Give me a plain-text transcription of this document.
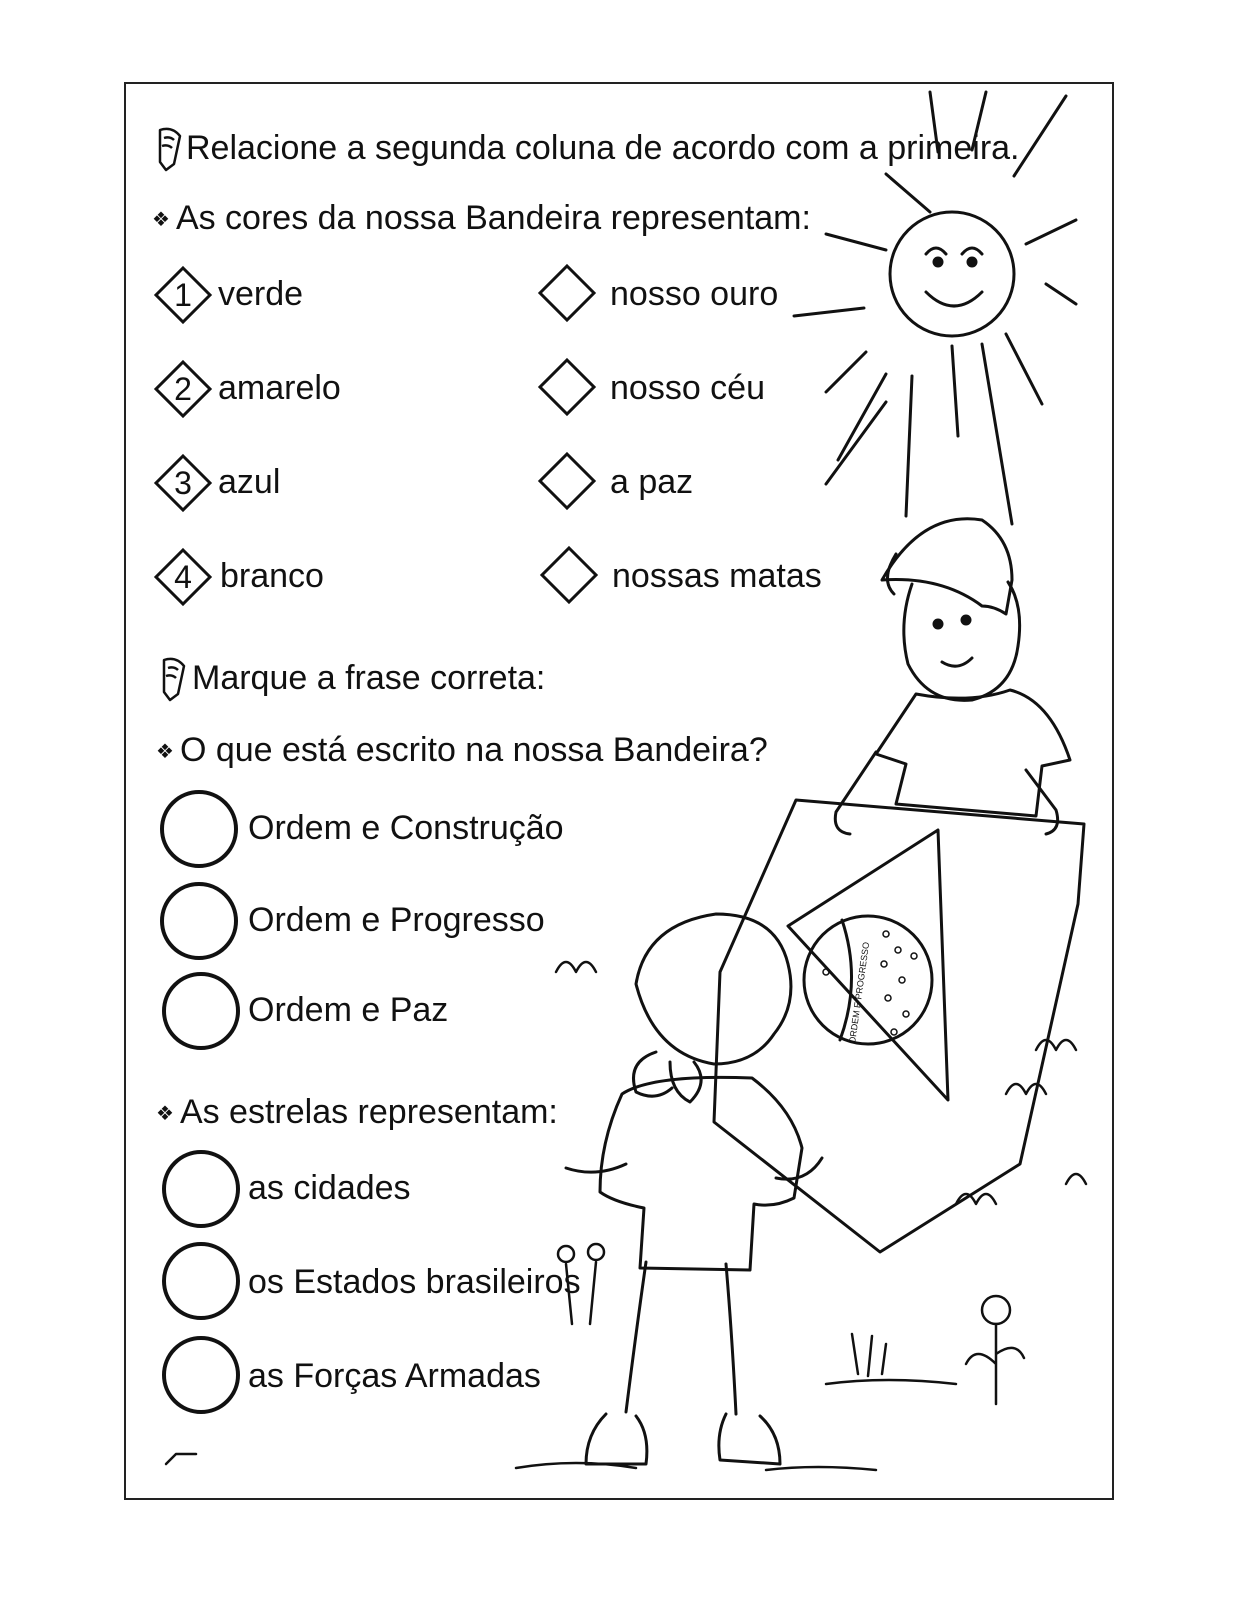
ORDEM E PROGRESSO
Relacione a segunda coluna de acordo com a primeira.
❖ As cores da nossa Bandeira representam:
1 verde
2 amarelo
3 azul
4 branco
nosso ouro
nosso céu
a paz
nossas matas
Marque a frase correta:
❖ O que está escrito na nossa Bandeira?
Ordem e Construção
Ordem e Progresso
Ordem e Paz
❖ As estrelas representam:
as cidades
os Estados brasileiros
as Forças Armadas
